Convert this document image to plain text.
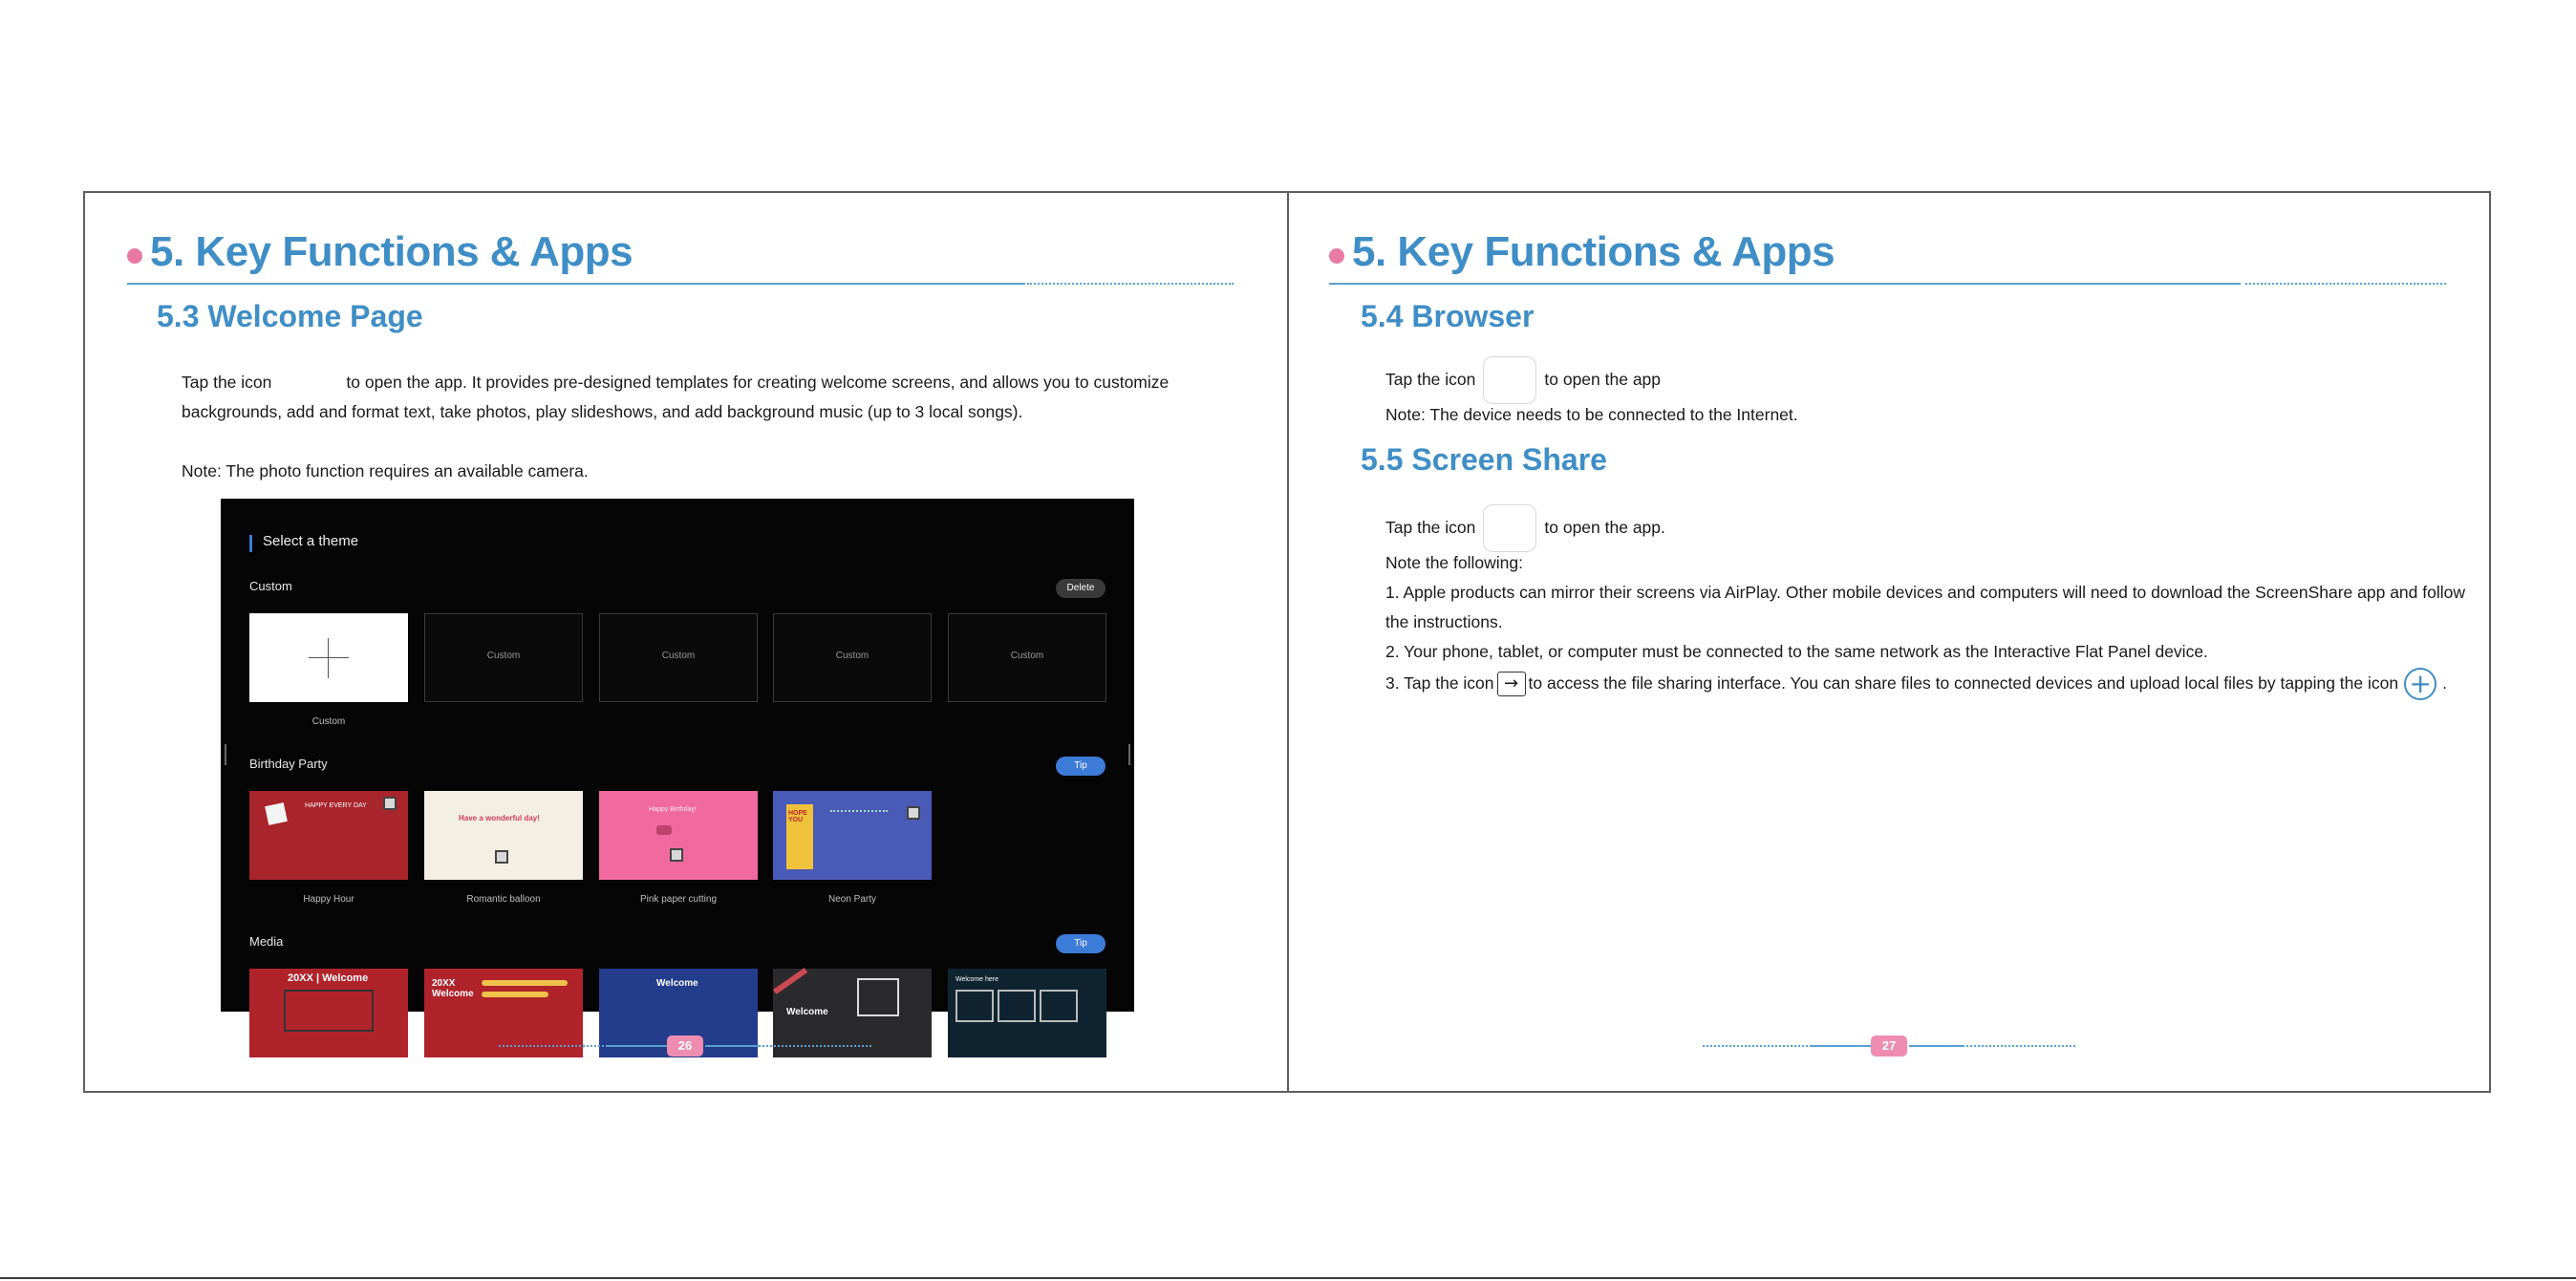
5. Key Functions & Apps
5.3 Welcome Page
Tap the icon	to open the app. It provides pre-designed templates for creating welcome screens, and allows you to customize
backgrounds, add and format text, take photos, play slideshows, and add background music (up to 3 local songs).
Note: The photo function requires an available camera.
Select a theme
Custom	Delete
Custom
Custom	Custom	Custom	Custom
Birthday Party	Tip
HAPPY EVERY DAY
Have a wonderful day!
Happy Birthday!
HOPE YOU
Happy Hour	Romantic balloon	Pink paper cutting	Neon Party
Media	Tip
20XX | Welcome	20XX Welcome
Welcome
Welcome
Welcome here
26
5. Key Functions & Apps
5.4 Browser
Tap the icon	to open the app
Note: The device needs to be connected to the Internet.
5.5 Screen Share
Tap the icon	to open the app.
Note the following:
1. Apple products can mirror their screens via AirPlay. Other mobile devices and computers will need to download the ScreenShare app and follow
the instructions.
2. Your phone, tablet, or computer must be connected to the same network as the Interactive Flat Panel device.
3. Tap the icon → to access the file sharing interface. You can share files to connected devices and upload local files by tapping the icon + .
27
